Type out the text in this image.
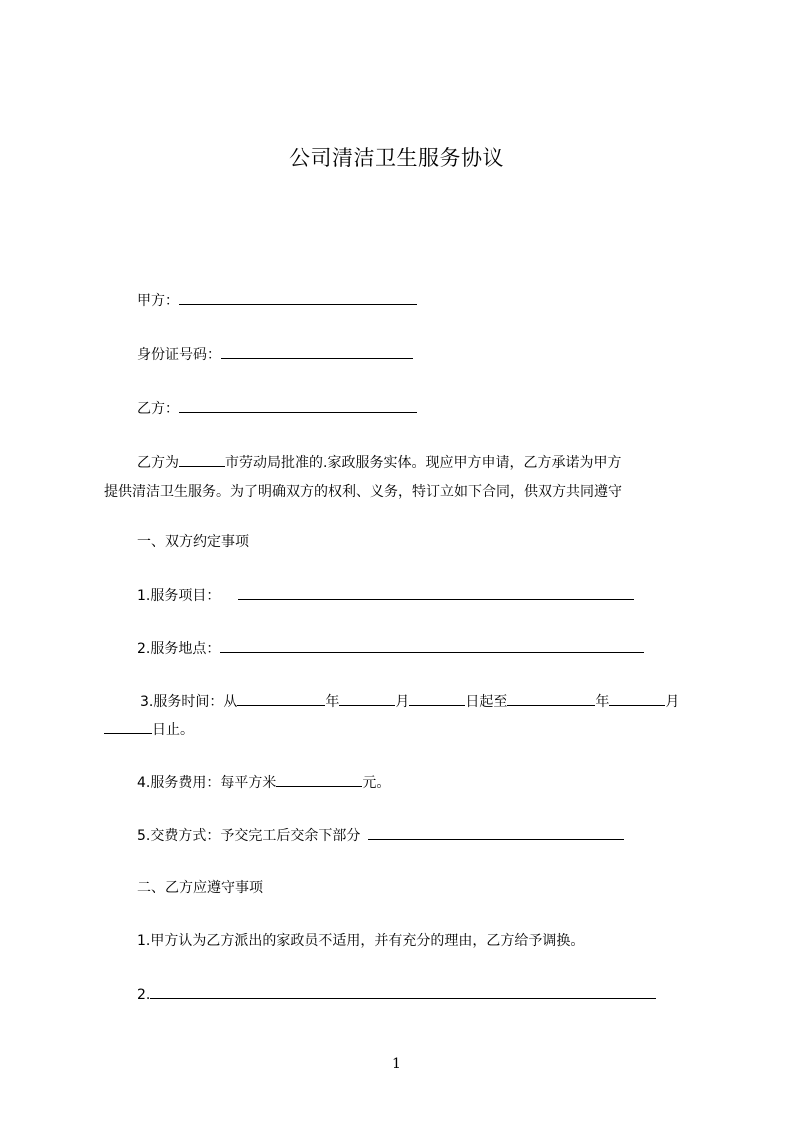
公司清洁卫生服务协议
甲方：
身份证号码：
乙方：
乙方为	市劳动局批准的.家政服务实体。现应甲方申请，乙方承诺为甲方
提供清洁卫生服务。为了明确双方的权利、义务，特订立如下合同，供双方共同遵守
一、双方约定事项
1.服务项目：
2.服务地点：
3.服务时间：从	年	月	日起至	年	月
日止。
4.服务费用：每平方米	元。
5.交费方式：予交完工后交余下部分
二、乙方应遵守事项
1.甲方认为乙方派出的家政员不适用，并有充分的理由，乙方给予调换。
2.
1
